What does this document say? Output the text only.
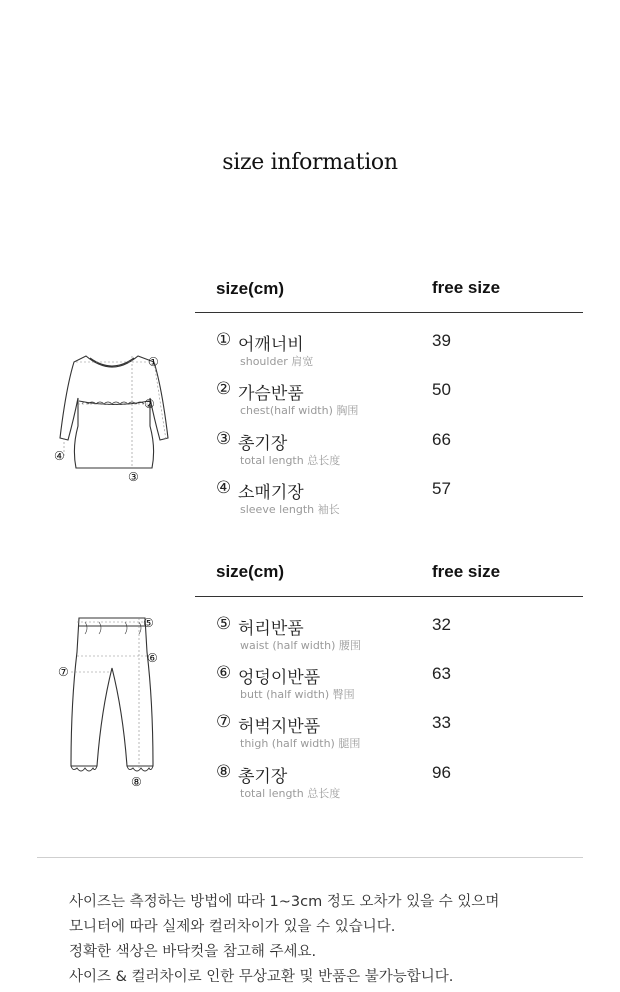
size information
size(cm)	free size
① 어깨너비
shoulder 肩宽
39
② 가슴반품
chest(half width) 胸围
50
③ 총기장
total length 总长度
66
④ 소매기장
sleeve length 袖长
57
①
②
③
④
size(cm)	free size
⑤ 허리반품
waist (half width) 腰围
32
⑥ 엉덩이반품
butt (half width) 臀围
63
⑦ 허벅지반품
thigh (half width) 腿围
33
⑧ 총기장
total length 总长度
96
⑤
⑥
⑦
⑧
사이즈는 측정하는 방법에 따라 1~3cm 정도 오차가 있을 수 있으며
모니터에 따라 실제와 컬러차이가 있을 수 있습니다.
정확한 색상은 바닥컷을 참고해 주세요.
사이즈 & 컬러차이로 인한 무상교환 및 반품은 불가능합니다.
